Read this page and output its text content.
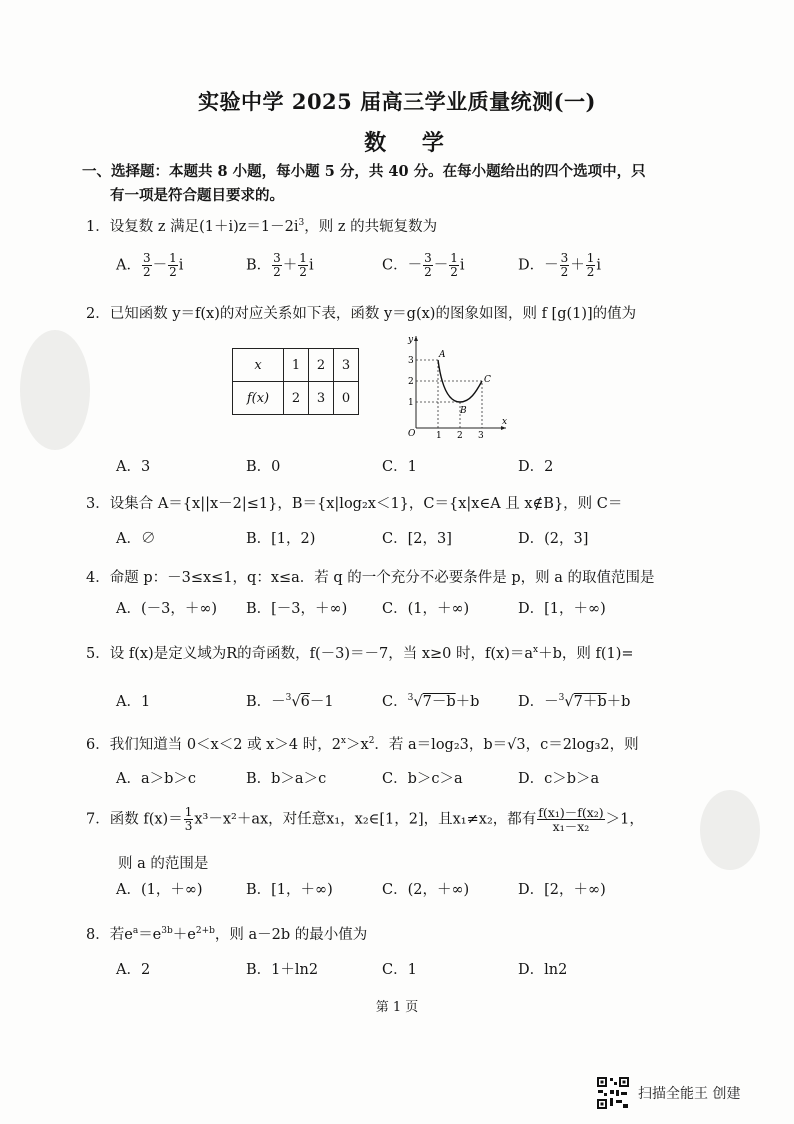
实验中学 2025 届高三学业质量统测(一)
数 学
一、选择题：本题共 8 小题，每小题 5 分，共 40 分。在每小题给出的四个选项中，只
有一项是符合题目要求的。
1．设复数 z 满足$(1+i)z=1-2i^3$，则 z 的共轭复数为
A． $\frac{3}{2} - \frac{1}{2}$ i	B． $\frac{3}{2} + \frac{1}{2}$ i	C．－ $\frac{3}{2} - \frac{1}{2}$ i	D．－ $\frac{3}{2} + \frac{1}{2}$ i
2．已知函数 y＝f(x)的对应关系如下表，函数 y＝g(x)的图象如图，则 f [g(1)]的值为
x	1	2	3
f(x)	2	3	0
y
x
O 1 2 3
1
2
3
A
B
C
A．3	B．0	C．1	D．2
3．设集合 A＝{x||x－2|≤1}，B＝{x|log₂x＜1}，C＝{x|x∈A 且 x∉B}，则 C＝
A．∅	B．[1，2)	C．[2，3]	D．(2，3]
4．命题 p：－3≤x≤1，q：x≤a．若 q 的一个充分不必要条件是 p，则 a 的取值范围是
A．(－3，＋∞) B．[－3，＋∞) C．(1，＋∞)	D．[1，＋∞)
5．设 f(x)是定义域为R的奇函数，f(－3)＝－7，当 x≥0 时，$f(x)=a^x+b$，则 f(1)=
A．1	B．－$^3$√6－1	C．$^3$√7－b＋b	D．－$^3$√7＋b＋b
6．我们知道当 0＜x＜2 或 x＞4 时，$2^x>x^2$．若 a＝log₂3，b＝√3，c＝2log₃2，则
A．a＞b＞c	B．b＞a＞c	C．b＞c＞a	D．c＞b＞a
7．函数 $f(x)= \frac{1}{3} x^3-x^2+ax$，对任意x₁，x₂∈[1，2]，且x₁≠x₂，都有 $\frac{\text{f(x₁)－f(x₂)}}{\text{x₁－x₂}} >1$，
则 a 的范围是
A．(1，＋∞)	B．[1，＋∞)	C．(2，＋∞)	D．[2，＋∞)
8．若$e^a=e^{3b}+e^{2+b}$，则 a－2b 的最小值为
A．2	B．1＋ln2	C．1	D．ln2
第 1 页
扫描全能王 创建
